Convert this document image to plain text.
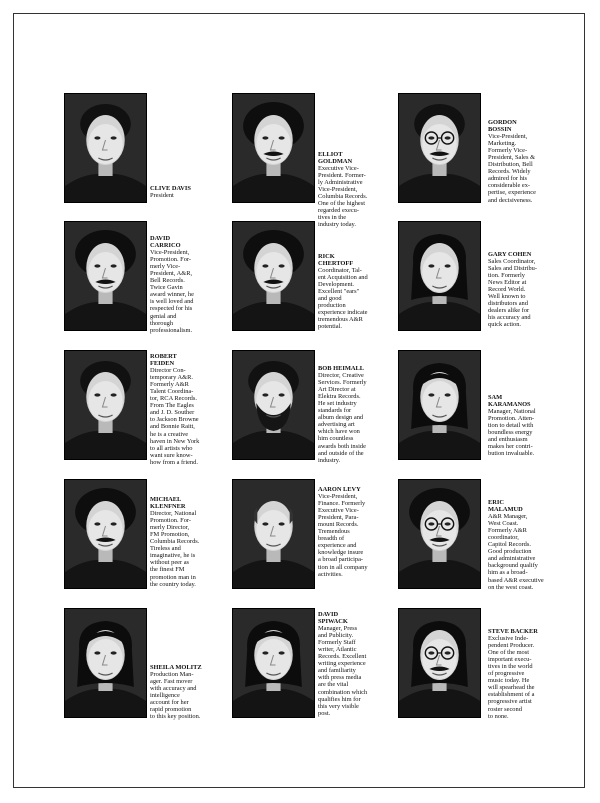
CLIVE DAVIS
President
ELLIOT
GOLDMAN
Executive Vice-
President. Former-
ly Administrative
Vice-President,
Columbia Records.
One of the highest
regarded execu-
tives in the
industry today.
GORDON
BOSSIN
Vice-President,
Marketing.
Formerly Vice-
President, Sales &
Distribution, Bell
Records. Widely
admired for his
considerable ex-
pertise, experience
and decisiveness.
DAVID
CARRICO
Vice-President,
Promotion. For-
merly Vice-
President, A&R,
Bell Records.
Twice Gavin
award winner, he
is well loved and
respected for his
genial and
thorough
professionalism.
RICK
CHERTOFF
Coordinator, Tal-
ent Acquisition and
Development.
Excellent "ears"
and good
production
experience indicate
tremendous A&R
potential.
GARY COHEN
Sales Coordinator,
Sales and Distribu-
tion. Formerly
News Editor at
Record World.
Well known to
distributors and
dealers alike for
his accuracy and
quick action.
ROBERT
FEIDEN
Director Con-
temporary A&R.
Formerly A&R
Talent Coordina-
tor, RCA Records.
From The Eagles
and J. D. Souther
to Jackson Browne
and Bonnie Raitt,
he is a creative
haven in New York
to all artists who
want sure know-
how from a friend.
BOB HEIMALL
Director, Creative
Services. Formerly
Art Director at
Elektra Records.
He set industry
standards for
album design and
advertising art
which have won
him countless
awards both inside
and outside of the
industry.
SAM
KARAMANOS
Manager, National
Promotion. Atten-
tion to detail with
boundless energy
and enthusiasm
makes her contri-
bution invaluable.
MICHAEL
KLENFNER
Director, National
Promotion. For-
merly Director,
FM Promotion,
Columbia Records.
Tireless and
imaginative, he is
without peer as
the finest FM
promotion man in
the country today.
AARON LEVY
Vice-President,
Finance. Formerly
Executive Vice-
President, Para-
mount Records.
Tremendous
breadth of
experience and
knowledge insure
a broad participa-
tion in all company
activities.
ERIC
MALAMUD
A&R Manager,
West Coast.
Formerly A&R
coordinator,
Capitol Records.
Good production
and administrative
background qualify
him as a broad-
based A&R executive
on the west coast.
SHEILA MOLITZ
Production Man-
ager. Fast mover
with accuracy and
intelligence
account for her
rapid promotion
to this key position.
DAVID
SPIWACK
Manager, Press
and Publicity.
Formerly Staff
writer, Atlantic
Records. Excellent
writing experience
and familiarity
with press media
are the vital
combination which
qualifies him for
this very visible
post.
STEVE BACKER
Exclusive Inde-
pendent Producer.
One of the most
important execu-
tives in the world
of progressive
music today. He
will spearhead the
establishment of a
progressive artist
roster second
to none.
